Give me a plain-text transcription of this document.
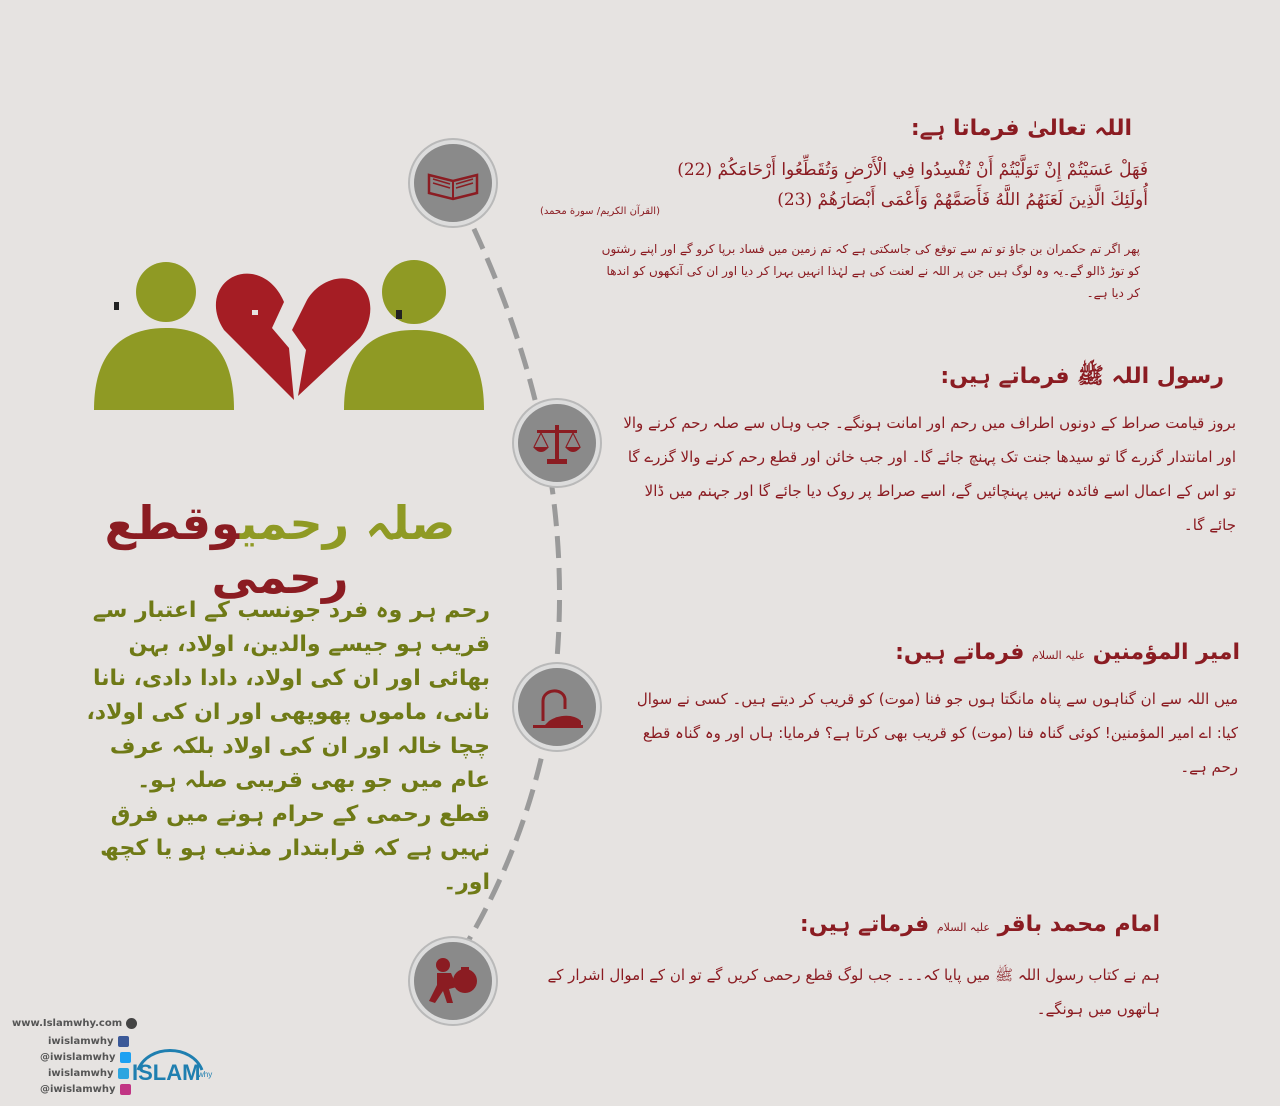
صلہ رحمیوقطع رحمی
رحم ہر وہ فرد جونسب کے اعتبار سے قریب ہو جیسے والدین، اولاد، بہن بھائی اور ان کی اولاد، دادا دادی، نانا نانی، ماموں پھوپھی اور ان کی اولاد، چچا خالہ اور ان کی اولاد بلکہ عرف عام میں جو بھی قریبی صلہ ہو۔
قطع رحمی کے حرام ہونے میں فرق نہیں ہے کہ قرابتدار مذنب ہو یا کچھ اور۔
اللہ تعالیٰ فرماتا ہے:
فَهَلْ عَسَيْتُمْ إِنْ تَوَلَّيْتُمْ أَنْ تُفْسِدُوا فِي الْأَرْضِ وَتُقَطِّعُوا أَرْحَامَكُمْ (22)
أُولَئِكَ الَّذِينَ لَعَنَهُمُ اللَّهُ فَأَصَمَّهُمْ وَأَعْمَى أَبْصَارَهُمْ (23)
(القرآن الكريم/ سورة محمد)
پھر اگر تم حکمران بن جاؤ تو تم سے توقع کی جاسکتی ہے کہ تم زمین میں فساد برپا کرو گے اور اپنے رشتوں کو توڑ ڈالو گے۔یہ وہ لوگ ہیں جن پر اللہ نے لعنت کی ہے لہٰذا انہیں بہرا کر دیا اور ان کی آنکھوں کو اندھا کر دیا ہے۔
رسول اللہ ﷺ فرماتے ہیں:
بروز قیامت صراط کے دونوں اطراف میں رحم اور امانت ہونگے۔ جب وہاں سے صلہ رحم کرنے والا اور امانتدار گزرے گا تو سیدھا جنت تک پہنچ جائے گا۔ اور جب خائن اور قطع رحم کرنے والا گزرے گا تو اس کے اعمال اسے فائدہ نہیں پہنچائیں گے، اسے صراط پر روک دیا جائے گا اور جہنم میں ڈالا جائے گا۔
امیر المؤمنین علیہ السلام فرماتے ہیں:
میں اللہ سے ان گناہوں سے پناہ مانگتا ہوں جو فنا (موت) کو قریب کر دیتے ہیں۔ کسی نے سوال کیا: اے امیر المؤمنین! کوئی گناہ فنا (موت) کو قریب بھی کرتا ہے؟ فرمایا: ہاں اور وہ گناہ قطع رحم ہے۔
امام محمد باقر علیہ السلام فرماتے ہیں:
ہم نے کتاب رسول اللہ ﷺ میں پایا کہ۔۔۔ جب لوگ قطع رحمی کریں گے تو ان کے اموال اشرار کے ہاتھوں میں ہونگے۔
www.Islamwhy.com
iwislamwhy
@iwislamwhy
iwislamwhy
@iwislamwhy
ISLAM
why
